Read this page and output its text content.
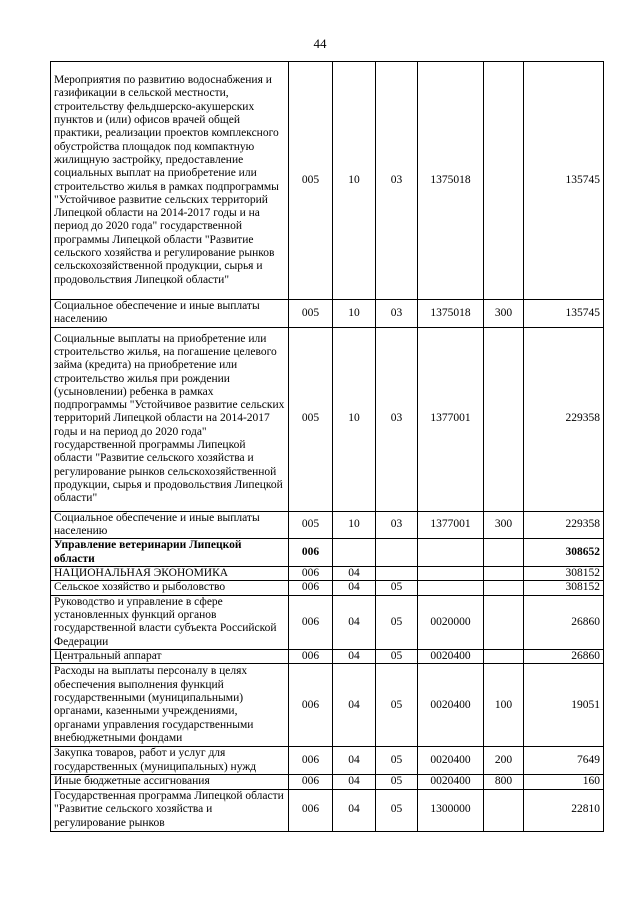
44
Мероприятия по развитию водоснабжения и газификации в сельской местности, строительству фельдшерско-акушерских пунктов и (или) офисов врачей общей практики, реализации проектов комплексного обустройства площадок под компактную жилищную застройку, предоставление социальных выплат на приобретение или строительство жилья в рамках подпрограммы "Устойчивое развитие сельских территорий Липецкой области на 2014-2017 годы и на период до 2020 года" государственной программы Липецкой области "Развитие сельского хозяйства и регулирование рынков сельскохозяйственной продукции, сырья и продовольствия Липецкой области"	005	10	03	1375018		135745
Социальное обеспечение и иные выплаты населению	005	10	03	1375018	300	135745
Социальные выплаты на приобретение или строительство жилья, на погашение целевого займа (кредита) на приобретение или строительство жилья при рождении (усыновлении) ребенка в рамках подпрограммы "Устойчивое развитие сельских территорий Липецкой области на 2014-2017 годы и на период до 2020 года" государственной программы Липецкой области "Развитие сельского хозяйства и регулирование рынков сельскохозяйственной продукции, сырья и продовольствия Липецкой области"	005	10	03	1377001		229358
Социальное обеспечение и иные выплаты населению	005	10	03	1377001	300	229358
Управление ветеринарии Липецкой области	006					308652
НАЦИОНАЛЬНАЯ ЭКОНОМИКА	006	04				308152
Сельское хозяйство и рыболовство	006	04	05			308152
Руководство и управление в сфере установленных функций органов государственной власти субъекта Российской Федерации	006	04	05	0020000		26860
Центральный аппарат	006	04	05	0020400		26860
Расходы на выплаты персоналу в целях обеспечения выполнения функций государственными (муниципальными) органами, казенными учреждениями, органами управления государственными внебюджетными фондами	006	04	05	0020400	100	19051
Закупка товаров, работ и услуг для государственных (муниципальных) нужд	006	04	05	0020400	200	7649
Иные бюджетные ассигнования	006	04	05	0020400	800	160
Государственная программа Липецкой области "Развитие сельского хозяйства и регулирование рынков	006	04	05	1300000		22810
